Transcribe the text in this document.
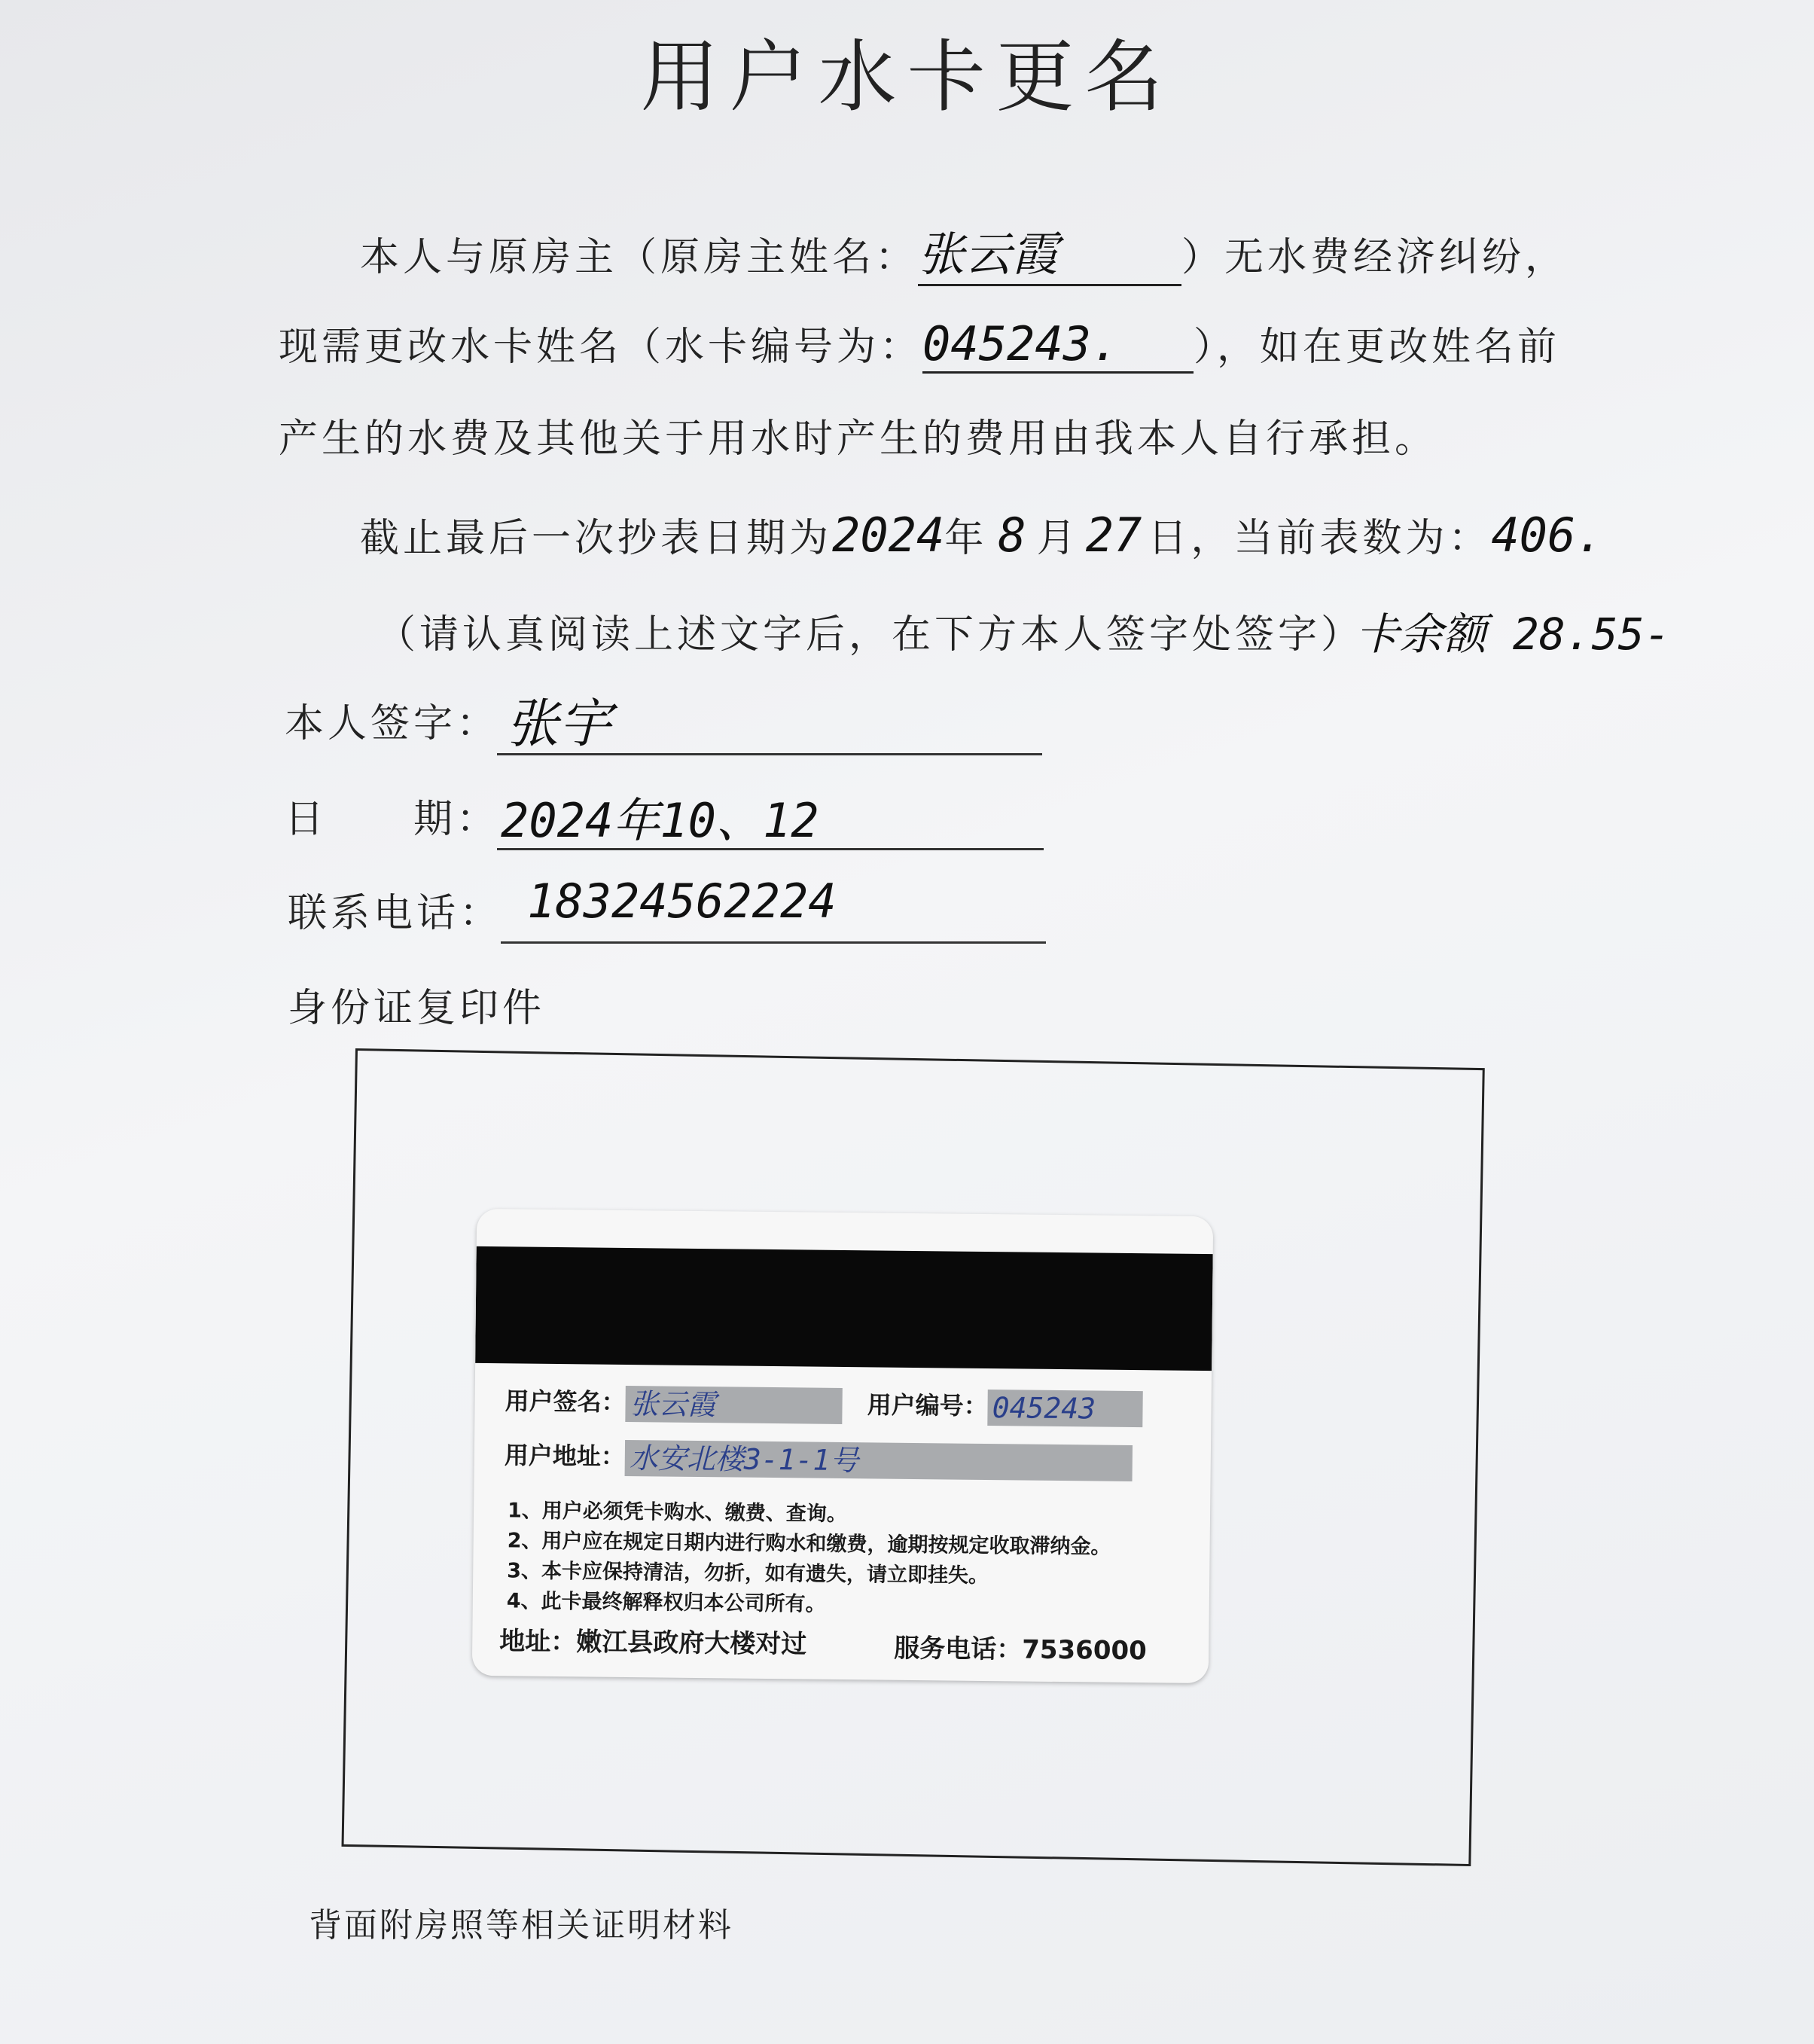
用户水卡更名
本人与原房主（原房主姓名：张云霞	）无水费经济纠纷，
现需更改水卡姓名（水卡编号为：045243. ），如在更改姓名前
产生的水费及其他关于用水时产生的费用由我本人自行承担。
截止最后一次抄表日期为2024年 8 月 27 日，当前表数为：406.
卡余额 28.55-
（请认真阅读上述文字后，在下方本人签字处签字）
本人签字： 张宇
日　　期： 2024年10、12
联系电话： 18324562224
身份证复印件
用户签名： 张云霞	用户编号： 045243
用户地址： 水安北楼3-1-1号
1、用户必须凭卡购水、缴费、查询。
2、用户应在规定日期内进行购水和缴费，逾期按规定收取滞纳金。
3、本卡应保持清洁，勿折，如有遗失，请立即挂失。
4、此卡最终解释权归本公司所有。
地址：嫩江县政府大楼对过	服务电话：7536000
背面附房照等相关证明材料
